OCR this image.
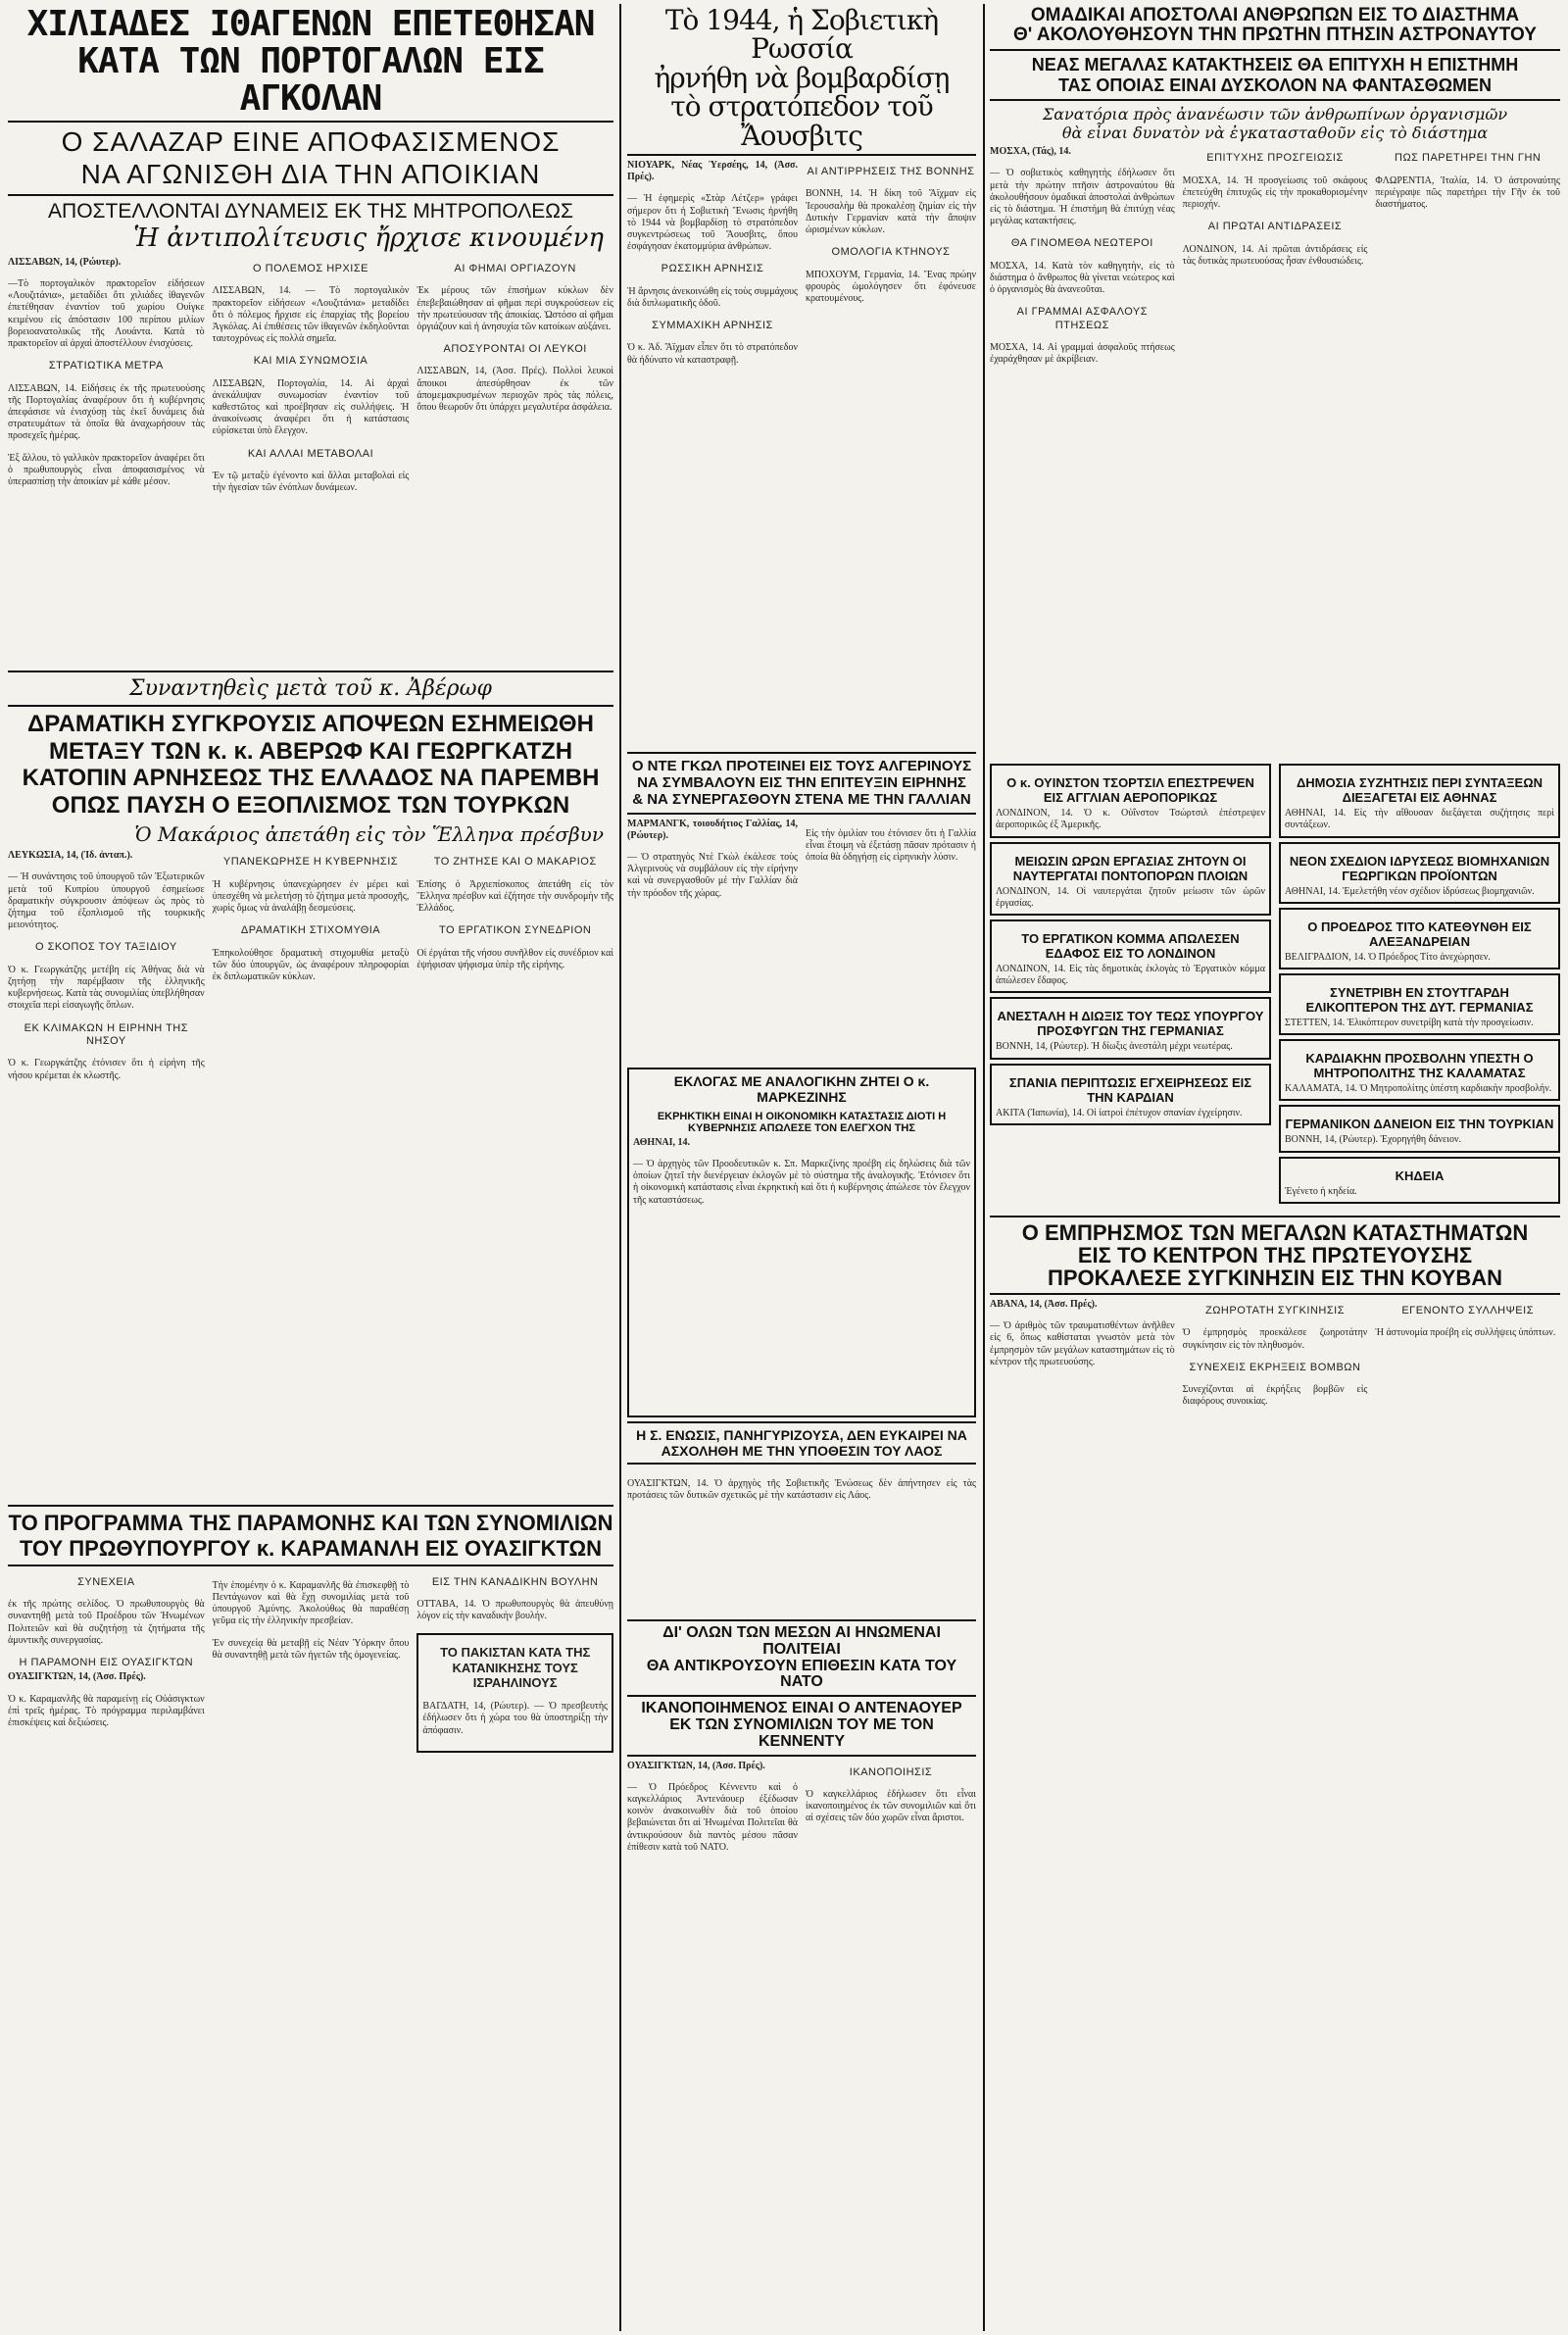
ΧΙΛΙΑΔΕΣ ΙΘΑΓΕΝΩΝ ΕΠΕΤΕΘΗΣΑΝ
ΚΑΤΑ ΤΩΝ ΠΟΡΤΟΓΑΛΩΝ ΕΙΣ ΑΓΚΟΛΑΝ
Ο ΣΑΛΑΖΑΡ ΕΙΝΕ ΑΠΟΦΑΣΙΣΜΕΝΟΣ
ΝΑ ΑΓΩΝΙΣΘΗ ΔΙΑ ΤΗΝ ΑΠΟΙΚΙΑΝ
ΑΠΟΣΤΕΛΛΟΝΤΑΙ ΔΥΝΑΜΕΙΣ ΕΚ ΤΗΣ ΜΗΤΡΟΠΟΛΕΩΣ
Ἡ ἀντιπολίτευσις ἤρχισε κινουμένη
ΛΙΣΣΑΒΩΝ, 14, (Ρώυτερ).

—Τὸ πορτογαλικὸν πρακτορεῖον εἰδήσεων «Λουζιτάνια», μεταδίδει ὅτι χιλιάδες ἰθαγενῶν ἐπετέθησαν ἐναντίον τοῦ χωρίου Ουίγκε κειμένου εἰς ἀπόστασιν 100 περίπου μιλίων βορειοανατολικῶς τῆς Λουάντα. Κατὰ τὸ πρακτορεῖον αἱ ἀρχαὶ ἀποστέλλουν ἐνισχύσεις.

ΣΤΡΑΤΙΩΤΙΚΑ ΜΕΤΡΑ

ΛΙΣΣΑΒΩΝ, 14. Εἰδήσεις ἐκ τῆς πρωτευούσης τῆς Πορτογαλίας ἀναφέρουν ὅτι ἡ κυβέρνησις ἀπεφάσισε νὰ ἐνισχύσῃ τὰς ἐκεῖ δυνάμεις διὰ στρατευμάτων τὰ ὁποῖα θὰ ἀναχωρήσουν τὰς προσεχεῖς ἡμέρας.

Ἐξ ἄλλου, τὸ γαλλικὸν πρακτορεῖον ἀναφέρει ὅτι ὁ πρωθυπουργὸς εἶναι ἀποφασισμένος νὰ ὑπερασπίσῃ τὴν ἀποικίαν μὲ κάθε μέσον.

Ο ΠΟΛΕΜΟΣ ΗΡΧΙΣΕ

ΛΙΣΣΑΒΩΝ, 14. — Τὸ πορτογαλικὸν πρακτορεῖον εἰδήσεων «Λουζιτάνια» μεταδίδει ὅτι ὁ πόλεμος ἤρχισε εἰς ἐπαρχίας τῆς βορείου Ἀγκόλας. Αἱ ἐπιθέσεις τῶν ἰθαγενῶν ἐκδηλοῦνται ταυτοχρόνως εἰς πολλὰ σημεῖα.

ΚΑΙ ΜΙΑ ΣΥΝΩΜΟΣΙΑ

ΛΙΣΣΑΒΩΝ, Πορτογαλία, 14. Αἱ ἀρχαὶ ἀνεκάλυψαν συνωμοσίαν ἐναντίον τοῦ καθεστῶτος καὶ προέβησαν εἰς συλλήψεις. Ἡ ἀνακοίνωσις ἀναφέρει ὅτι ἡ κατάστασις εὑρίσκεται ὑπὸ ἔλεγχον.

ΚΑΙ ΑΛΛΑΙ ΜΕΤΑΒΟΛΑΙ

Ἐν τῷ μεταξὺ ἐγένοντο καὶ ἄλλαι μεταβολαὶ εἰς τὴν ἡγεσίαν τῶν ἐνόπλων δυνάμεων.

ΑΙ ΦΗΜΑΙ ΟΡΓΙΑΖΟΥΝ

Ἐκ μέρους τῶν ἐπισήμων κύκλων δὲν ἐπεβεβαιώθησαν αἱ φῆμαι περὶ συγκρούσεων εἰς τὴν πρωτεύουσαν τῆς ἀποικίας. Ὡστόσο αἱ φῆμαι ὀργιάζουν καὶ ἡ ἀνησυχία τῶν κατοίκων αὐξάνει.

ΑΠΟΣΥΡΟΝΤΑΙ ΟΙ ΛΕΥΚΟΙ

ΛΙΣΣΑΒΩΝ, 14, (Ἀσσ. Πρές). Πολλοὶ λευκοὶ ἄποικοι ἀπεσύρθησαν ἐκ τῶν ἀπομεμακρυσμένων περιοχῶν πρὸς τὰς πόλεις, ὅπου θεωροῦν ὅτι ὑπάρχει μεγαλυτέρα ἀσφάλεια.

Συναντηθεὶς μετὰ τοῦ κ. Ἀβέρωφ
ΔΡΑΜΑΤΙΚΗ ΣΥΓΚΡΟΥΣΙΣ ΑΠΟΨΕΩΝ ΕΣΗΜΕΙΩΘΗ
ΜΕΤΑΞΥ ΤΩΝ κ. κ. ΑΒΕΡΩΦ ΚΑΙ ΓΕΩΡΓΚΑΤΖΗ
ΚΑΤΟΠΙΝ ΑΡΝΗΣΕΩΣ ΤΗΣ ΕΛΛΑΔΟΣ ΝΑ ΠΑΡΕΜΒΗ
ΟΠΩΣ ΠΑΥΣΗ Ο ΕΞΟΠΛΙΣΜΟΣ ΤΩΝ ΤΟΥΡΚΩΝ
Ὁ Μακάριος ἀπετάθη εἰς τὸν Ἕλληνα πρέσβυν
ΛΕΥΚΩΣΙΑ, 14, (Ἰδ. ἀνταπ.).

— Ἡ συνάντησις τοῦ ὑπουργοῦ τῶν Ἐξωτερικῶν μετὰ τοῦ Κυπρίου ὑπουργοῦ ἐσημείωσε δραματικὴν σύγκρουσιν ἀπόψεων ὡς πρὸς τὸ ζήτημα τοῦ ἐξοπλισμοῦ τῆς τουρκικῆς μειονότητος.

Ο ΣΚΟΠΟΣ ΤΟΥ ΤΑΞΙΔΙΟΥ

Ὁ κ. Γεωργκάτζης μετέβη εἰς Ἀθήνας διὰ νὰ ζητήσῃ τὴν παρέμβασιν τῆς ἑλληνικῆς κυβερνήσεως. Κατὰ τὰς συνομιλίας ὑπεβλήθησαν στοιχεῖα περὶ εἰσαγωγῆς ὅπλων.

ΕΚ ΚΛΙΜΑΚΩΝ Η ΕΙΡΗΝΗ ΤΗΣ ΝΗΣΟΥ

Ὁ κ. Γεωργκάτζης ἐτόνισεν ὅτι ἡ εἰρήνη τῆς νήσου κρέμεται ἐκ κλωστῆς.

ΥΠΑΝΕΚΩΡΗΣΕ Η ΚΥΒΕΡΝΗΣΙΣ

Ἡ κυβέρνησις ὑπανεχώρησεν ἐν μέρει καὶ ὑπεσχέθη νὰ μελετήσῃ τὸ ζήτημα μετὰ προσοχῆς, χωρὶς ὅμως νὰ ἀναλάβῃ δεσμεύσεις.

ΔΡΑΜΑΤΙΚΗ ΣΤΙΧΟΜΥΘΙΑ

Ἐπηκολούθησε δραματικὴ στιχομυθία μεταξὺ τῶν δύο ὑπουργῶν, ὡς ἀναφέρουν πληροφορίαι ἐκ διπλωματικῶν κύκλων.

ΤΟ ΖΗΤΗΣΕ ΚΑΙ Ο ΜΑΚΑΡΙΟΣ

Ἐπίσης ὁ Ἀρχιεπίσκοπος ἀπετάθη εἰς τὸν Ἕλληνα πρέσβυν καὶ ἐζήτησε τὴν συνδρομὴν τῆς Ἑλλάδος.

ΤΟ ΕΡΓΑΤΙΚΟΝ ΣΥΝΕΔΡΙΟΝ

Οἱ ἐργάται τῆς νήσου συνῆλθον εἰς συνέδριον καὶ ἐψήφισαν ψήφισμα ὑπὲρ τῆς εἰρήνης.

ΤΟ ΠΡΟΓΡΑΜΜΑ ΤΗΣ ΠΑΡΑΜΟΝΗΣ ΚΑΙ ΤΩΝ ΣΥΝΟΜΙΛΙΩΝ
ΤΟΥ ΠΡΩΘΥΠΟΥΡΓΟΥ κ. ΚΑΡΑΜΑΝΛΗ ΕΙΣ ΟΥΑΣΙΓΚΤΩΝ
ΣΥΝΕΧΕΙΑ

ἐκ τῆς πρώτης σελίδος. Ὁ πρωθυπουργὸς θὰ συναντηθῇ μετὰ τοῦ Προέδρου τῶν Ἡνωμένων Πολιτειῶν καὶ θὰ συζητήσῃ τὰ ζητήματα τῆς ἀμυντικῆς συνεργασίας.

Η ΠΑΡΑΜΟΝΗ ΕΙΣ ΟΥΑΣΙΓΚΤΩΝ
ΟΥΑΣΙΓΚΤΩΝ, 14, (Ἀσσ. Πρές).

Ὁ κ. Καραμανλῆς θὰ παραμείνῃ εἰς Οὐάσιγκτων ἐπὶ τρεῖς ἡμέρας. Τὸ πρόγραμμα περιλαμβάνει ἐπισκέψεις καὶ δεξιώσεις.

Τὴν ἑπομένην ὁ κ. Καραμανλῆς θὰ ἐπισκεφθῇ τὸ Πεντάγωνον καὶ θὰ ἔχῃ συνομιλίας μετὰ τοῦ ὑπουργοῦ Ἀμύνης. Ἀκολούθως θὰ παραθέσῃ γεῦμα εἰς τὴν ἑλληνικὴν πρεσβείαν.

Ἐν συνεχείᾳ θὰ μεταβῇ εἰς Νέαν Ὑόρκην ὅπου θὰ συναντηθῇ μετὰ τῶν ἡγετῶν τῆς ὁμογενείας.

ΕΙΣ ΤΗΝ ΚΑΝΑΔΙΚΗΝ ΒΟΥΛΗΝ

ΟΤΤΑΒΑ, 14. Ὁ πρωθυπουργὸς θὰ ἀπευθύνῃ λόγον εἰς τὴν καναδικὴν βουλήν.

ΤΟ ΠΑΚΙΣΤΑΝ ΚΑΤΑ ΤΗΣ ΚΑΤΑΝΙΚΗΣΗΣ ΤΟΥΣ ΙΣΡΑΗΛΙΝΟΥΣ

ΒΑΓΔΑΤΗ, 14, (Ρώυτερ). — Ὁ πρεσβευτὴς ἐδήλωσεν ὅτι ἡ χώρα του θὰ ὑποστηρίξῃ τὴν ἀπόφασιν.

Τὸ 1944, ἡ Σοβιετικὴ Ρωσσία
ἠρνήθη νὰ βομβαρδίσῃ
τὸ στρατόπεδον τοῦ Ἄουσβιτς
ΝΙΟΥΑΡΚ, Νέας Ὑερσέης, 14, (Ἀσσ. Πρές).

— Ἡ ἐφημερὶς «Στὰρ Λέτζερ» γράφει σήμερον ὅτι ἡ Σοβιετικὴ Ἕνωσις ἠρνήθη τὸ 1944 νὰ βομβαρδίσῃ τὸ στρατόπεδον συγκεντρώσεως τοῦ Ἄουσβιτς, ὅπου ἐσφάγησαν ἑκατομμύρια ἀνθρώπων.

ΡΩΣΣΙΚΗ ΑΡΝΗΣΙΣ

Ἡ ἄρνησις ἀνεκοινώθη εἰς τοὺς συμμάχους διὰ διπλωματικῆς ὁδοῦ.

ΣΥΜΜΑΧΙΚΗ ΑΡΝΗΣΙΣ

Ὁ κ. Ἀδ. Ἄϊχμαν εἶπεν ὅτι τὸ στρατόπεδον θὰ ἠδύνατο νὰ καταστραφῇ.

ΑΙ ΑΝΤΙΡΡΗΣΕΙΣ ΤΗΣ ΒΟΝΝΗΣ

ΒΟΝΝΗ, 14. Ἡ δίκη τοῦ Ἄϊχμαν εἰς Ἱερουσαλὴμ θὰ προκαλέσῃ ζημίαν εἰς τὴν Δυτικὴν Γερμανίαν κατὰ τὴν ἄποψιν ὡρισμένων κύκλων.

ΟΜΟΛΟΓΙΑ ΚΤΗΝΟΥΣ

ΜΠΟΧΟΥΜ, Γερμανία, 14. Ἕνας πρώην φρουρὸς ὡμολόγησεν ὅτι ἐφόνευσε κρατουμένους.

Ο ΝΤΕ ΓΚΩΛ ΠΡΟΤΕΙΝΕΙ ΕΙΣ ΤΟΥΣ ΑΛΓΕΡΙΝΟΥΣ
ΝΑ ΣΥΜΒΑΛΟΥΝ ΕΙΣ ΤΗΝ ΕΠΙΤΕΥΞΙΝ ΕΙΡΗΝΗΣ
& ΝΑ ΣΥΝΕΡΓΑΣΘΟΥΝ ΣΤΕΝΑ ΜΕ ΤΗΝ ΓΑΛΛΙΑΝ
ΜΑΡΜΑΝΓΚ, τοιουδήτιος Γαλλίας, 14, (Ρώυτερ).

— Ὁ στρατηγὸς Ντὲ Γκὼλ ἐκάλεσε τοὺς Ἀλγερινοὺς νὰ συμβάλουν εἰς τὴν εἰρήνην καὶ νὰ συνεργασθοῦν μὲ τὴν Γαλλίαν διὰ τὴν πρόοδον τῆς χώρας.

Εἰς τὴν ὁμιλίαν του ἐτόνισεν ὅτι ἡ Γαλλία εἶναι ἕτοιμη νὰ ἐξετάσῃ πᾶσαν πρότασιν ἡ ὁποία θὰ ὁδηγήσῃ εἰς εἰρηνικὴν λύσιν.

ΕΚΛΟΓΑΣ ΜΕ ΑΝΑΛΟΓΙΚΗΝ ΖΗΤΕΙ Ο κ. ΜΑΡΚΕΖΙΝΗΣ
ΕΚΡΗΚΤΙΚΗ ΕΙΝΑΙ Η ΟΙΚΟΝΟΜΙΚΗ ΚΑΤΑΣΤΑΣΙΣ ΔΙΟΤΙ Η ΚΥΒΕΡΝΗΣΙΣ ΑΠΩΛΕΣΕ ΤΟΝ ΕΛΕΓΧΟΝ ΤΗΣ
ΑΘΗΝΑΙ, 14.

— Ὁ ἀρχηγὸς τῶν Προοδευτικῶν κ. Σπ. Μαρκεζίνης προέβη εἰς δηλώσεις διὰ τῶν ὁποίων ζητεῖ τὴν διενέργειαν ἐκλογῶν μὲ τὸ σύστημα τῆς ἀναλογικῆς. Ἐτόνισεν ὅτι ἡ οἰκονομικὴ κατάστασις εἶναι ἐκρηκτικὴ καὶ ὅτι ἡ κυβέρνησις ἀπώλεσε τὸν ἔλεγχον τῆς καταστάσεως.

Η Σ. ΕΝΩΣΙΣ, ΠΑΝΗΓΥΡΙΖΟΥΣΑ, ΔΕΝ ΕΥΚΑΙΡΕΙ ΝΑ ΑΣΧΟΛΗΘΗ ΜΕ ΤΗΝ ΥΠΟΘΕΣΙΝ ΤΟΥ ΛΑΟΣ

ΟΥΑΣΙΓΚΤΩΝ, 14. Ὁ ἀρχηγὸς τῆς Σοβιετικῆς Ἑνώσεως δὲν ἀπήντησεν εἰς τὰς προτάσεις τῶν δυτικῶν σχετικῶς μὲ τὴν κατάστασιν εἰς Λάος.

ΔΙ' ΟΛΩΝ ΤΩΝ ΜΕΣΩΝ ΑΙ ΗΝΩΜΕΝΑΙ ΠΟΛΙΤΕΙΑΙ
ΘΑ ΑΝΤΙΚΡΟΥΣΟΥΝ ΕΠΙΘΕΣΙΝ ΚΑΤΑ ΤΟΥ ΝΑΤΟ
ΙΚΑΝΟΠΟΙΗΜΕΝΟΣ ΕΙΝΑΙ Ο ΑΝΤΕΝΑΟΥΕΡ
ΕΚ ΤΩΝ ΣΥΝΟΜΙΛΙΩΝ ΤΟΥ ΜΕ ΤΟΝ ΚΕΝΝΕΝΤΥ
ΟΥΑΣΙΓΚΤΩΝ, 14, (Ἀσσ. Πρές).

— Ὁ Πρόεδρος Κέννεντυ καὶ ὁ καγκελλάριος Ἀντενάουερ ἐξέδωσαν κοινὸν ἀνακοινωθὲν διὰ τοῦ ὁποίου βεβαιώνεται ὅτι αἱ Ἡνωμέναι Πολιτεῖαι θὰ ἀντικρούσουν διὰ παντὸς μέσου πᾶσαν ἐπίθεσιν κατὰ τοῦ ΝΑΤΟ.

ΙΚΑΝΟΠΟΙΗΣΙΣ

Ὁ καγκελλάριος ἐδήλωσεν ὅτι εἶναι ἱκανοποιημένος ἐκ τῶν συνομιλιῶν καὶ ὅτι αἱ σχέσεις τῶν δύο χωρῶν εἶναι ἄριστοι.

ΟΜΑΔΙΚΑΙ ΑΠΟΣΤΟΛΑΙ ΑΝΘΡΩΠΩΝ ΕΙΣ ΤΟ ΔΙΑΣΤΗΜΑ
Θ' ΑΚΟΛΟΥΘΗΣΟΥΝ ΤΗΝ ΠΡΩΤΗΝ ΠΤΗΣΙΝ ΑΣΤΡΟΝΑΥΤΟΥ
ΝΕΑΣ ΜΕΓΑΛΑΣ ΚΑΤΑΚΤΗΣΕΙΣ ΘΑ ΕΠΙΤΥΧΗ Η ΕΠΙΣΤΗΜΗ
ΤΑΣ ΟΠΟΙΑΣ ΕΙΝΑΙ ΔΥΣΚΟΛΟΝ ΝΑ ΦΑΝΤΑΣΘΩΜΕΝ
Σανατόρια πρὸς ἀνανέωσιν τῶν ἀνθρωπίνων ὀργανισμῶν
θὰ εἶναι δυνατὸν νὰ ἐγκατασταθοῦν εἰς τὸ διάστημα
ΜΟΣΧΑ, (Τάς), 14.

— Ὁ σοβιετικὸς καθηγητὴς ἐδήλωσεν ὅτι μετὰ τὴν πρώτην πτῆσιν ἀστροναύτου θὰ ἀκολουθήσουν ὁμαδικαὶ ἀποστολαὶ ἀνθρώπων εἰς τὸ διάστημα. Ἡ ἐπιστήμη θὰ ἐπιτύχῃ νέας μεγάλας κατακτήσεις.

ΘΑ ΓΙΝΟΜΕΘΑ ΝΕΩΤΕΡΟΙ

ΜΟΣΧΑ, 14. Κατὰ τὸν καθηγητὴν, εἰς τὸ διάστημα ὁ ἄνθρωπος θὰ γίνεται νεώτερος καὶ ὁ ὀργανισμὸς θὰ ἀνανεοῦται.

ΑΙ ΓΡΑΜΜΑΙ ΑΣΦΑΛΟΥΣ ΠΤΗΣΕΩΣ

ΜΟΣΧΑ, 14. Αἱ γραμμαὶ ἀσφαλοῦς πτήσεως ἐχαράχθησαν μὲ ἀκρίβειαν.

ΕΠΙΤΥΧΗΣ ΠΡΟΣΓΕΙΩΣΙΣ

ΜΟΣΧΑ, 14. Ἡ προσγείωσις τοῦ σκάφους ἐπετεύχθη ἐπιτυχῶς εἰς τὴν προκαθορισμένην περιοχήν.

ΑΙ ΠΡΩΤΑΙ ΑΝΤΙΔΡΑΣΕΙΣ

ΛΟΝΔΙΝΟΝ, 14. Αἱ πρῶται ἀντιδράσεις εἰς τὰς δυτικὰς πρωτευούσας ἦσαν ἐνθουσιώδεις.

ΠΩΣ ΠΑΡΕΤΗΡΕΙ ΤΗΝ ΓΗΝ

ΦΛΩΡΕΝΤΙΑ, Ἰταλία, 14. Ὁ ἀστροναύτης περιέγραψε πῶς παρετήρει τὴν Γῆν ἐκ τοῦ διαστήματος.

Ο κ. ΟΥΙΝΣΤΟΝ ΤΣΟΡΤΣΙΛ ΕΠΕΣΤΡΕΨΕΝ ΕΙΣ ΑΓΓΛΙΑΝ ΑΕΡΟΠΟΡΙΚΩΣ
ΛΟΝΔΙΝΟΝ, 14. Ὁ κ. Οὐΐνστον Τσώρτσιλ ἐπέστρεψεν ἀεροπορικῶς ἐξ Ἀμερικῆς.
ΜΕΙΩΣΙΝ ΩΡΩΝ ΕΡΓΑΣΙΑΣ ΖΗΤΟΥΝ ΟΙ ΝΑΥΤΕΡΓΑΤΑΙ ΠΟΝΤΟΠΟΡΩΝ ΠΛΟΙΩΝ
ΛΟΝΔΙΝΟΝ, 14. Οἱ ναυτεργάται ζητοῦν μείωσιν τῶν ὡρῶν ἐργασίας.
ΤΟ ΕΡΓΑΤΙΚΟΝ ΚΟΜΜΑ ΑΠΩΛΕΣΕΝ ΕΔΑΦΟΣ ΕΙΣ ΤΟ ΛΟΝΔΙΝΟΝ
ΛΟΝΔΙΝΟΝ, 14. Εἰς τὰς δημοτικὰς ἐκλογὰς τὸ Ἐργατικὸν κόμμα ἀπώλεσεν ἔδαφος.
ΑΝΕΣΤΑΛΗ Η ΔΙΩΞΙΣ ΤΟΥ ΤΕΩΣ ΥΠΟΥΡΓΟΥ ΠΡΟΣΦΥΓΩΝ ΤΗΣ ΓΕΡΜΑΝΙΑΣ
ΒΟΝΝΗ, 14, (Ρώυτερ). Ἡ δίωξις ἀνεστάλη μέχρι νεωτέρας.
ΣΠΑΝΙΑ ΠΕΡΙΠΤΩΣΙΣ ΕΓΧΕΙΡΗΣΕΩΣ ΕΙΣ ΤΗΝ ΚΑΡΔΙΑΝ
ΑΚΙΤΑ (Ἰαπωνία), 14. Οἱ ἰατροὶ ἐπέτυχον σπανίαν ἐγχείρησιν.
ΔΗΜΟΣΙΑ ΣΥΖΗΤΗΣΙΣ ΠΕΡΙ ΣΥΝΤΑΞΕΩΝ ΔΙΕΞΑΓΕΤΑΙ ΕΙΣ ΑΘΗΝΑΣ
ΑΘΗΝΑΙ, 14. Εἰς τὴν αἴθουσαν διεξάγεται συζήτησις περὶ συντάξεων.
ΝΕΟΝ ΣΧΕΔΙΟΝ ΙΔΡΥΣΕΩΣ ΒΙΟΜΗΧΑΝΙΩΝ ΓΕΩΡΓΙΚΩΝ ΠΡΟΪΟΝΤΩΝ
ΑΘΗΝΑΙ, 14. Ἐμελετήθη νέον σχέδιον ἱδρύσεως βιομηχανιῶν.
Ο ΠΡΟΕΔΡΟΣ ΤΙΤΟ ΚΑΤΕΘΥΝΘΗ ΕΙΣ ΑΛΕΞΑΝΔΡΕΙΑΝ
ΒΕΛΙΓΡΑΔΙΟΝ, 14. Ὁ Πρόεδρος Τίτο ἀνεχώρησεν.
ΣΥΝΕΤΡΙΒΗ ΕΝ ΣΤΟΥΤΓΑΡΔΗ ΕΛΙΚΟΠΤΕΡΟΝ ΤΗΣ ΔΥΤ. ΓΕΡΜΑΝΙΑΣ
ΣΤΕΤΤΕΝ, 14. Ἐλικόπτερον συνετρίβη κατὰ τὴν προσγείωσιν.
ΚΑΡΔΙΑΚΗΝ ΠΡΟΣΒΟΛΗΝ ΥΠΕΣΤΗ Ο ΜΗΤΡΟΠΟΛΙΤΗΣ ΤΗΣ ΚΑΛΑΜΑΤΑΣ
ΚΑΛΑΜΑΤΑ, 14. Ὁ Μητροπολίτης ὑπέστη καρδιακὴν προσβολήν.
ΓΕΡΜΑΝΙΚΟΝ ΔΑΝΕΙΟΝ ΕΙΣ ΤΗΝ ΤΟΥΡΚΙΑΝ
ΒΟΝΝΗ, 14, (Ρώυτερ). Ἐχορηγήθη δάνειον.
ΚΗΔΕΙΑ
Ἐγένετο ἡ κηδεία.
Ο ΕΜΠΡΗΣΜΟΣ ΤΩΝ ΜΕΓΑΛΩΝ ΚΑΤΑΣΤΗΜΑΤΩΝ
ΕΙΣ ΤΟ ΚΕΝΤΡΟΝ ΤΗΣ ΠΡΩΤΕΥΟΥΣΗΣ
ΠΡΟΚΑΛΕΣΕ ΣΥΓΚΙΝΗΣΙΝ ΕΙΣ ΤΗΝ ΚΟΥΒΑΝ
ΑΒΑΝΑ, 14, (Ἀσσ. Πρές).

— Ὁ ἀριθμὸς τῶν τραυματισθέντων ἀνῆλθεν εἰς 6, ὅπως καθίσταται γνωστὸν μετὰ τὸν ἐμπρησμὸν τῶν μεγάλων καταστημάτων εἰς τὸ κέντρον τῆς πρωτευούσης.

ΖΩΗΡΟΤΑΤΗ ΣΥΓΚΙΝΗΣΙΣ

Ὁ ἐμπρησμὸς προεκάλεσε ζωηροτάτην συγκίνησιν εἰς τὸν πληθυσμόν.

ΣΥΝΕΧΕΙΣ ΕΚΡΗΞΕΙΣ ΒΟΜΒΩΝ

Συνεχίζονται αἱ ἐκρήξεις βομβῶν εἰς διαφόρους συνοικίας.

ΕΓΕΝΟΝΤΟ ΣΥΛΛΗΨΕΙΣ

Ἡ ἀστυνομία προέβη εἰς συλλήψεις ὑπόπτων.
